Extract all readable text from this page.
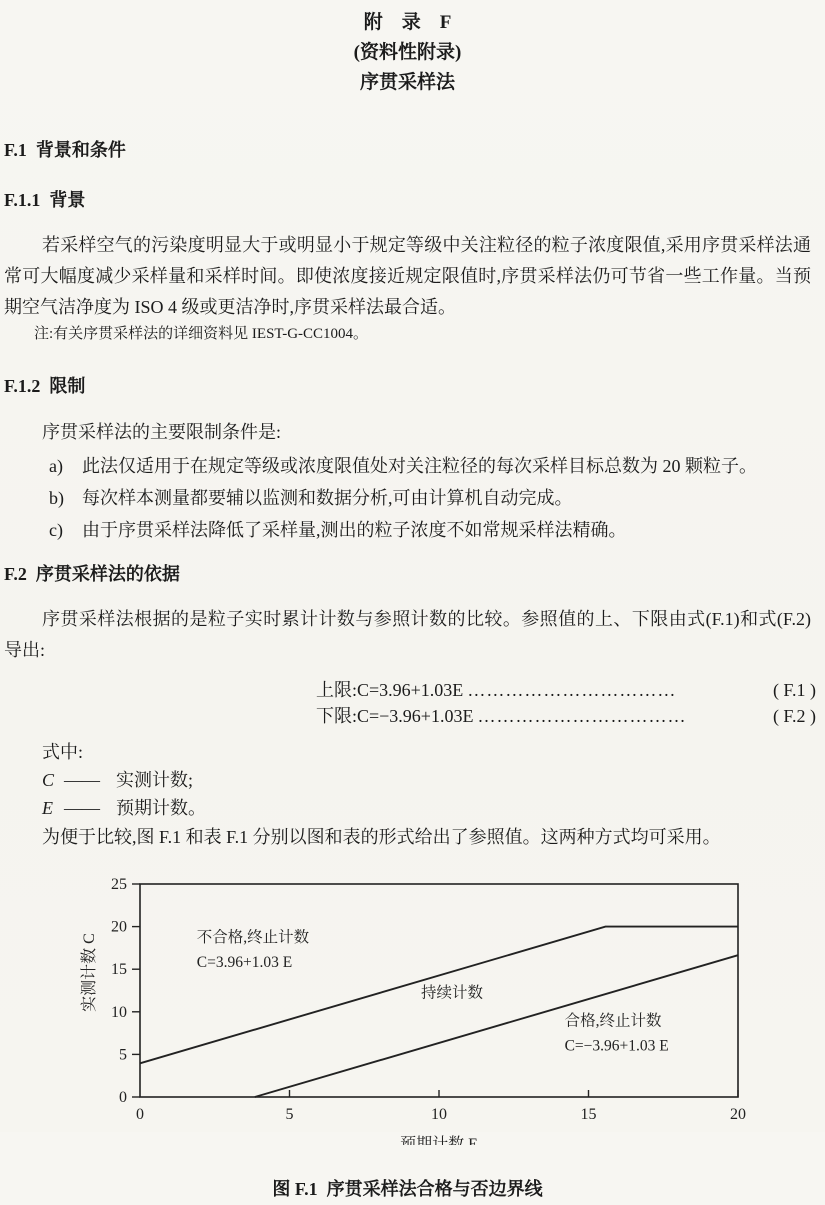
附　录　F
(资料性附录)
序贯采样法
F.1  背景和条件
F.1.1  背景
若采样空气的污染度明显大于或明显小于规定等级中关注粒径的粒子浓度限值,采用序贯采样法通常可大幅度减少采样量和采样时间。即使浓度接近规定限值时,序贯采样法仍可节省一些工作量。当预期空气洁净度为 ISO 4 级或更洁净时,序贯采样法最合适。
注:有关序贯采样法的详细资料见 IEST-G-CC1004。
F.1.2  限制
序贯采样法的主要限制条件是:
a)	此法仅适用于在规定等级或浓度限值处对关注粒径的每次采样目标总数为 20 颗粒子。
b)	每次样本测量都要辅以监测和数据分析,可由计算机自动完成。
c)	由于序贯采样法降低了采样量,测出的粒子浓度不如常规采样法精确。
F.2  序贯采样法的依据
序贯采样法根据的是粒子实时累计计数与参照计数的比较。参照值的上、下限由式(F.1)和式(F.2)导出:
上限:C=3.96+1.03E ……………………………	( F.1 )
下限:C=−3.96+1.03E ……………………………	( F.2 )
式中:
C —— 实测计数;
E —— 预期计数。
为便于比较,图 F.1 和表 F.1 分别以图和表的形式给出了参照值。这两种方式均可采用。
0	5	10	15	20
0
5
10
15
20
25
不合格,终止计数 C=3.96+1.03 E
持续计数
合格,终止计数 C=−3.96+1.03 E
预期计数 E
实测计数 C
图 F.1  序贯采样法合格与否边界线
